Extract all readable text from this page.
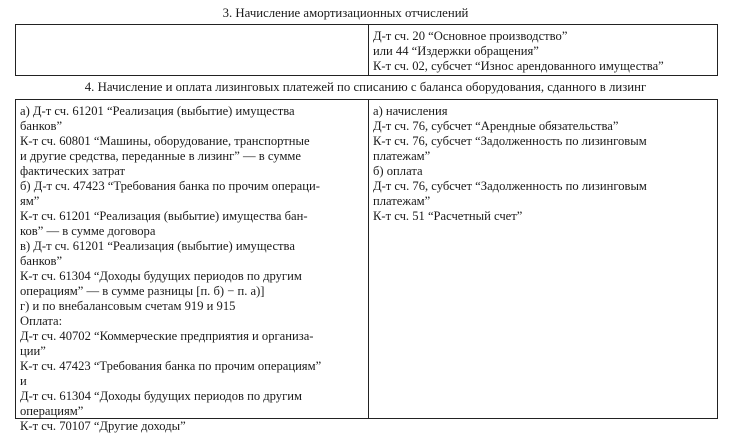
3. Начисление амортизационных отчислений
Д-т сч. 20 “Основное производство”
или 44 “Издержки обращения”
К-т сч. 02, субсчет “Износ арендованного имущества”
4. Начисление и оплата лизинговых платежей по списанию с баланса оборудования, сданного в лизинг
а) Д-т сч. 61201 “Реализация (выбытие) имущества
банков”
К-т сч. 60801 “Машины, оборудование, транспортные
и другие средства, переданные в лизинг” — в сумме
фактических затрат
б) Д-т сч. 47423 “Требования банка по прочим операци-
ям”
К-т сч. 61201 “Реализация (выбытие) имущества бан-
ков” — в сумме договора
в) Д-т сч. 61201 “Реализация (выбытие) имущества
банков”
К-т сч. 61304 “Доходы будущих периодов по другим
операциям” — в сумме разницы [п. б) − п. а)]
г) и по внебалансовым счетам 919 и 915
Оплата:
Д-т сч. 40702 “Коммерческие предприятия и организа-
ции”
К-т сч. 47423 “Требования банка по прочим операциям”
и
Д-т сч. 61304 “Доходы будущих периодов по другим
операциям”
К-т сч. 70107 “Другие доходы”
а) начисления
Д-т сч. 76, субсчет “Арендные обязательства”
К-т сч. 76, субсчет “Задолженность по лизинговым
платежам”
б) оплата
Д-т сч. 76, субсчет “Задолженность по лизинговым
платежам”
К-т сч. 51 “Расчетный счет”
